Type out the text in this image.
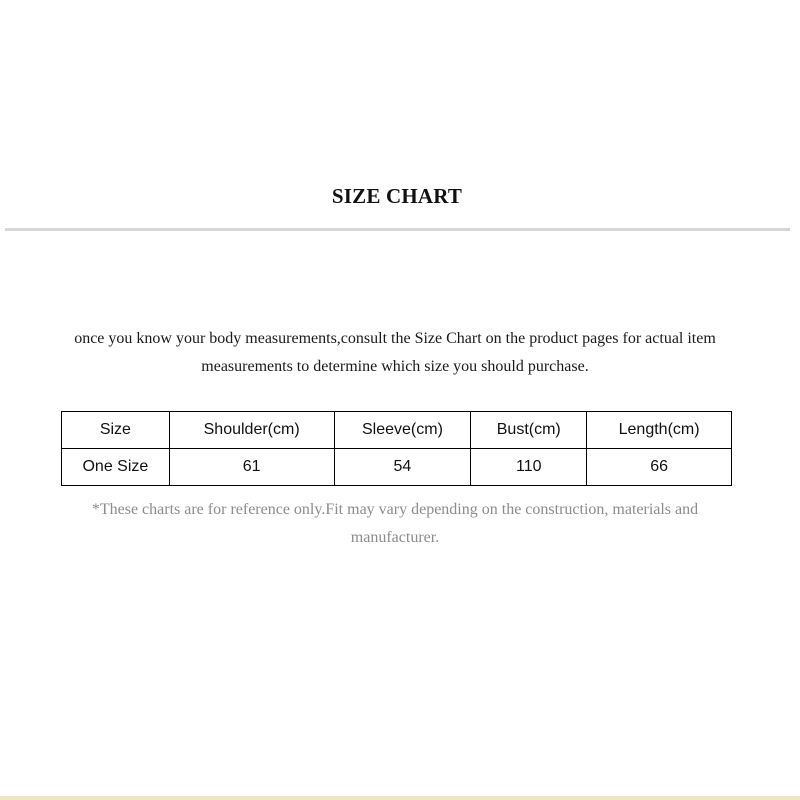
SIZE CHART
once you know your body measurements,consult the Size Chart on the product pages for actual item
measurements to determine which size you should purchase.
Size	Shoulder(cm)	Sleeve(cm)	Bust(cm)	Length(cm)
One Size	61	54	110	66
*These charts are for reference only.Fit may vary depending on the construction, materials and
manufacturer.
